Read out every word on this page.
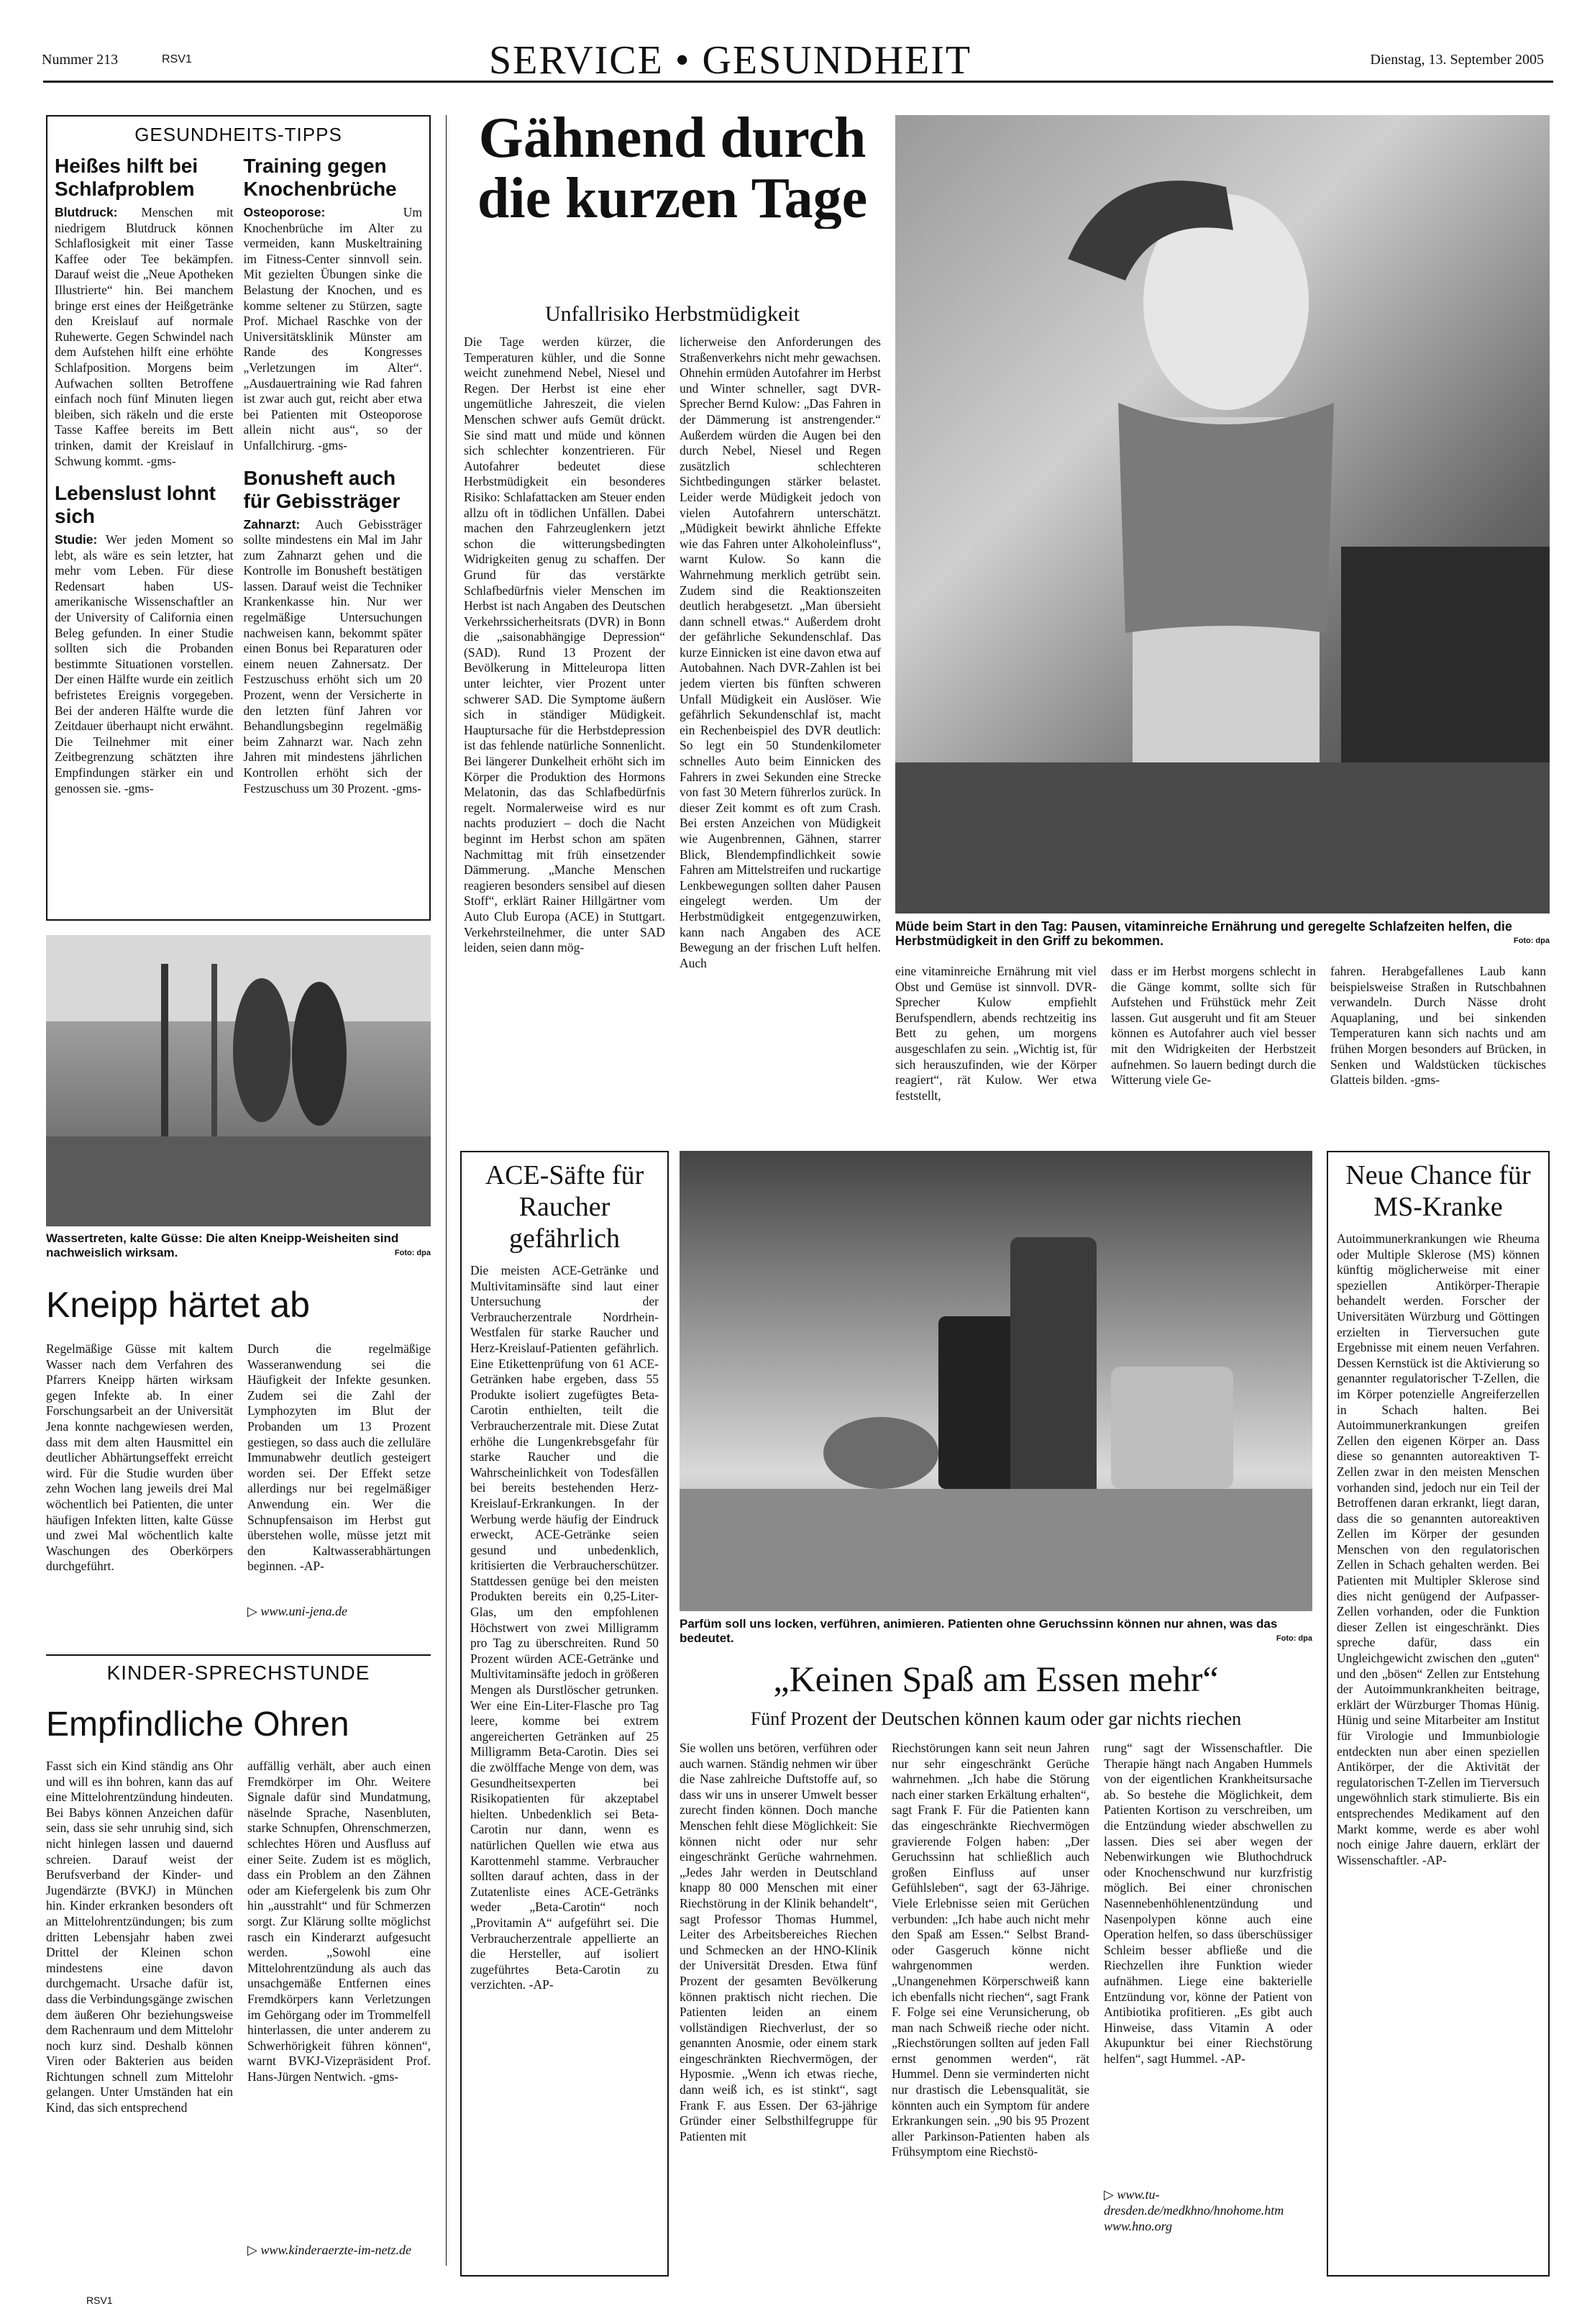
Nummer 213	RSV1	SERVICE • GESUNDHEIT	Dienstag, 13. September 2005
GESUNDHEITS-TIPPS
Heißes hilft bei Schlafproblem
Blutdruck: Menschen mit niedrigem Blutdruck können Schlaflosigkeit mit einer Tasse Kaffee oder Tee bekämpfen. Darauf weist die „Neue Apotheken Illustrierte“ hin. Bei manchem bringe erst eines der Heißgetränke den Kreislauf auf normale Ruhewerte. Gegen Schwindel nach dem Aufstehen hilft eine erhöhte Schlafposition. Morgens beim Aufwachen sollten Betroffene einfach noch fünf Minuten liegen bleiben, sich räkeln und die erste Tasse Kaffee bereits im Bett trinken, damit der Kreislauf in Schwung kommt. -gms-
Lebenslust lohnt sich
Studie: Wer jeden Moment so lebt, als wäre es sein letzter, hat mehr vom Leben. Für diese Redensart haben US-amerikanische Wissenschaftler an der University of California einen Beleg gefunden. In einer Studie sollten sich die Probanden bestimmte Situationen vorstellen. Der einen Hälfte wurde ein zeitlich befristetes Ereignis vorgegeben. Bei der anderen Hälfte wurde die Zeitdauer überhaupt nicht erwähnt. Die Teilnehmer mit einer Zeitbegrenzung schätzten ihre Empfindungen stärker ein und genossen sie. -gms-
Training gegen Knochenbrüche
Osteoporose:	Um Knochenbrüche im Alter zu vermeiden, kann Muskeltraining im Fitness-Center sinnvoll sein. Mit gezielten Übungen sinke die Belastung der Knochen, und es komme seltener zu Stürzen, sagte Prof. Michael Raschke von der Universitätsklinik Münster am Rande des Kongresses „Verletzungen im Alter“. „Ausdauertraining wie Rad fahren ist zwar auch gut, reicht aber etwa bei Patienten mit Osteoporose allein nicht aus“, so der Unfallchirurg. -gms-
Bonusheft auch für Gebissträger
Zahnarzt: Auch Gebissträger sollte mindestens ein Mal im Jahr zum Zahnarzt gehen und die Kontrolle im Bonusheft bestätigen lassen. Darauf weist die Techniker Krankenkasse hin. Nur wer regelmäßige Untersuchungen nachweisen kann, bekommt später einen Bonus bei Reparaturen oder einem neuen Zahnersatz. Der Festzuschuss erhöht sich um 20 Prozent, wenn der Versicherte in den letzten fünf Jahren vor Behandlungsbeginn regelmäßig beim Zahnarzt war. Nach zehn Jahren mit mindestens jährlichen Kontrollen erhöht sich der Festzuschuss um 30 Prozent. -gms-
Wassertreten, kalte Güsse: Die alten Kneipp-Weisheiten sind nachweislich wirksam.	Foto: dpa
Kneipp härtet ab
Regelmäßige Güsse mit kaltem Wasser nach dem Verfahren des Pfarrers Kneipp härten wirksam gegen Infekte ab. In einer Forschungsarbeit an der Universität Jena konnte nachgewiesen werden, dass mit dem alten Hausmittel ein deutlicher Abhärtungseffekt erreicht wird. Für die Studie wurden über zehn Wochen lang jeweils drei Mal wöchentlich bei Patienten, die unter häufigen Infekten litten, kalte Güsse und zwei Mal wöchentlich kalte Waschungen des Oberkörpers durchgeführt.
Durch die regelmäßige Wasseranwendung sei die Häufigkeit der Infekte gesunken. Zudem sei die Zahl der Lymphozyten im Blut der Probanden um 13 Prozent gestiegen, so dass auch die zelluläre Immunabwehr deutlich gesteigert worden sei. Der Effekt setze allerdings nur bei regelmäßiger Anwendung ein. Wer die Schnupfensaison im Herbst gut überstehen wolle, müsse jetzt mit den Kaltwasserabhärtungen beginnen. -AP-
▷ www.uni-jena.de
KINDER-SPRECHSTUNDE
Empfindliche Ohren
Fasst sich ein Kind ständig ans Ohr und will es ihn bohren, kann das auf eine Mittelohrentzündung hindeuten. Bei Babys können Anzeichen dafür sein, dass sie sehr unruhig sind, sich nicht hinlegen lassen und dauernd schreien. Darauf weist der Berufsverband der Kinder- und Jugendärzte (BVKJ) in München hin. Kinder erkranken besonders oft an Mittelohrentzündungen; bis zum dritten Lebensjahr haben zwei Drittel der Kleinen schon mindestens eine davon durchgemacht. Ursache dafür ist, dass die Verbindungsgänge zwischen dem äußeren Ohr beziehungsweise dem Rachenraum und dem Mittelohr noch kurz sind. Deshalb können Viren oder Bakterien aus beiden Richtungen schnell zum Mittelohr gelangen. Unter Umständen hat ein Kind, das sich entsprechend
auffällig verhält, aber auch einen Fremdkörper im Ohr. Weitere Signale dafür sind Mundatmung, näselnde Sprache, Nasenbluten, starke Schnupfen, Ohrenschmerzen, schlechtes Hören und Ausfluss auf einer Seite. Zudem ist es möglich, dass ein Problem an den Zähnen oder am Kiefergelenk bis zum Ohr hin „ausstrahlt“ und für Schmerzen sorgt. Zur Klärung sollte möglichst rasch ein Kinderarzt aufgesucht werden. „Sowohl eine Mittelohrentzündung als auch das unsachgemäße Entfernen eines Fremdkörpers kann Verletzungen im Gehörgang oder im Trommelfell hinterlassen, die unter anderem zu Schwerhörigkeit führen können“, warnt BVKJ-Vizepräsident Prof. Hans-Jürgen Nentwich. -gms-
▷ www.kinderaerzte-im-netz.de
Gähnend durch die kurzen Tage
Unfallrisiko Herbstmüdigkeit
Müde beim Start in den Tag: Pausen, vitaminreiche Ernährung und geregelte Schlafzeiten helfen, die Herbstmüdigkeit in den Griff zu bekommen.	Foto: dpa
Die Tage werden kürzer, die Temperaturen kühler, und die Sonne weicht zunehmend Nebel, Niesel und Regen. Der Herbst ist eine eher ungemütliche Jahreszeit, die vielen Menschen schwer aufs Gemüt drückt. Sie sind matt und müde und können sich schlechter konzentrieren. Für Autofahrer bedeutet diese Herbstmüdigkeit ein besonderes Risiko: Schlafattacken am Steuer enden allzu oft in tödlichen Unfällen. Dabei machen den Fahrzeuglenkern jetzt schon die witterungsbedingten Widrigkeiten genug zu schaffen. Der Grund für das verstärkte Schlafbedürfnis vieler Menschen im Herbst ist nach Angaben des Deutschen Verkehrssicherheitsrats (DVR) in Bonn die „saisonabhängige Depression“ (SAD). Rund 13 Prozent der Bevölkerung in Mitteleuropa litten unter leichter, vier Prozent unter schwerer SAD. Die Symptome äußern sich in ständiger Müdigkeit. Hauptursache für die Herbstdepression ist das fehlende natürliche Sonnenlicht. Bei längerer Dunkelheit erhöht sich im Körper die Produktion des Hormons Melatonin, das das Schlafbedürfnis regelt. Normalerweise wird es nur nachts produziert – doch die Nacht beginnt im Herbst schon am späten Nachmittag mit früh einsetzender Dämmerung. „Manche Menschen reagieren besonders sensibel auf diesen Stoff“, erklärt Rainer Hillgärtner vom Auto Club Europa (ACE) in Stuttgart. Verkehrsteilnehmer, die unter SAD leiden, seien dann mög-
licherweise den Anforderungen des Straßenverkehrs nicht mehr gewachsen. Ohnehin ermüden Autofahrer im Herbst und Winter schneller, sagt DVR-Sprecher Bernd Kulow: „Das Fahren in der Dämmerung ist anstrengender.“ Außerdem würden die Augen bei den durch Nebel, Niesel und Regen zusätzlich schlechteren Sichtbedingungen stärker belastet. Leider werde Müdigkeit jedoch von vielen Autofahrern unterschätzt. „Müdigkeit bewirkt ähnliche Effekte wie das Fahren unter Alkoholeinfluss“, warnt Kulow. So kann die Wahrnehmung merklich getrübt sein. Zudem sind die Reaktionszeiten deutlich herabgesetzt. „Man übersieht dann schnell etwas.“ Außerdem droht der gefährliche Sekundenschlaf. Das kurze Einnicken ist eine davon etwa auf Autobahnen. Nach DVR-Zahlen ist bei jedem vierten bis fünften schweren Unfall Müdigkeit ein Auslöser. Wie gefährlich Sekundenschlaf ist, macht ein Rechenbeispiel des DVR deutlich: So legt ein 50 Stundenkilometer schnelles Auto beim Einnicken des Fahrers in zwei Sekunden eine Strecke von fast 30 Metern führerlos zurück. In dieser Zeit kommt es oft zum Crash. Bei ersten Anzeichen von Müdigkeit wie Augenbrennen, Gähnen, starrer Blick, Blendempfindlichkeit sowie Fahren am Mittelstreifen und ruckartige Lenkbewegungen sollten daher Pausen eingelegt werden. Um der Herbstmüdigkeit entgegenzuwirken, kann nach Angaben des ACE Bewegung an der frischen Luft helfen. Auch
eine vitaminreiche Ernährung mit viel Obst und Gemüse ist sinnvoll. DVR-Sprecher Kulow empfiehlt Berufspendlern, abends rechtzeitig ins Bett zu gehen, um morgens ausgeschlafen zu sein. „Wichtig ist, für sich herauszufinden, wie der Körper reagiert“, rät Kulow. Wer etwa feststellt,
dass er im Herbst morgens schlecht in die Gänge kommt, sollte sich für Aufstehen und Frühstück mehr Zeit lassen. Gut ausgeruht und fit am Steuer können es Autofahrer auch viel besser mit den Widrigkeiten der Herbstzeit aufnehmen. So lauern bedingt durch die Witterung viele Ge-
fahren. Herabgefallenes Laub kann beispielsweise Straßen in Rutschbahnen verwandeln. Durch Nässe droht Aquaplaning, und bei sinkenden Temperaturen kann sich nachts und am frühen Morgen besonders auf Brücken, in Senken und Waldstücken tückisches Glatteis bilden. -gms-
ACE-Säfte für Raucher gefährlich
Die meisten ACE-Getränke und Multivitaminsäfte sind laut einer Untersuchung der Verbraucherzentrale Nordrhein-Westfalen für starke Raucher und Herz-Kreislauf-Patienten gefährlich. Eine Etikettenprüfung von 61 ACE-Getränken habe ergeben, dass 55 Produkte isoliert zugefügtes Beta-Carotin enthielten, teilt die Verbraucherzentrale mit. Diese Zutat erhöhe die Lungenkrebsgefahr für starke Raucher und die Wahrscheinlichkeit von Todesfällen bei bereits bestehenden Herz-Kreislauf-Erkrankungen. In der Werbung werde häufig der Eindruck erweckt, ACE-Getränke seien gesund und unbedenklich, kritisierten die Verbraucherschützer. Stattdessen genüge bei den meisten Produkten bereits ein 0,25-Liter-Glas, um den empfohlenen Höchstwert von zwei Milligramm pro Tag zu überschreiten. Rund 50 Prozent würden ACE-Getränke und Multivitaminsäfte jedoch in größeren Mengen als Durstlöscher getrunken. Wer eine Ein-Liter-Flasche pro Tag leere, komme bei extrem angereicherten Getränken auf 25 Milligramm Beta-Carotin. Dies sei die zwölffache Menge von dem, was Gesundheitsexperten bei Risikopatienten für akzeptabel hielten. Unbedenklich sei Beta-Carotin nur dann, wenn es natürlichen Quellen wie etwa aus Karottenmehl stamme. Verbraucher sollten darauf achten, dass in der Zutatenliste eines ACE-Getränks weder „Beta-Carotin“ noch „Provitamin A“ aufgeführt sei. Die Verbraucherzentrale appellierte an die Hersteller, auf isoliert zugeführtes Beta-Carotin zu verzichten. -AP-
Parfüm soll uns locken, verführen, animieren. Patienten ohne Geruchssinn können nur ahnen, was das bedeutet.	Foto: dpa
„Keinen Spaß am Essen mehr“
Fünf Prozent der Deutschen können kaum oder gar nichts riechen
Sie wollen uns betören, verführen oder auch warnen. Ständig nehmen wir über die Nase zahlreiche Duftstoffe auf, so dass wir uns in unserer Umwelt besser zurecht finden können. Doch manche Menschen fehlt diese Möglichkeit: Sie können nicht oder nur sehr eingeschränkt Gerüche wahrnehmen. „Jedes Jahr werden in Deutschland knapp 80 000 Menschen mit einer Riechstörung in der Klinik behandelt“, sagt Professor Thomas Hummel, Leiter des Arbeitsbereiches Riechen und Schmecken an der HNO-Klinik der Universität Dresden. Etwa fünf Prozent der gesamten Bevölkerung können praktisch nicht riechen. Die Patienten leiden an einem vollständigen Riechverlust, der so genannten Anosmie, oder einem stark eingeschränkten Riechvermögen, der Hyposmie. „Wenn ich etwas rieche, dann weiß ich, es ist stinkt“, sagt Frank F. aus Essen. Der 63-jährige Gründer einer Selbsthilfegruppe für Patienten mit
Riechstörungen kann seit neun Jahren nur sehr eingeschränkt Gerüche wahrnehmen. „Ich habe die Störung nach einer starken Erkältung erhalten“, sagt Frank F. Für die Patienten kann das eingeschränkte Riechvermögen gravierende Folgen haben: „Der Geruchssinn hat schließlich auch großen Einfluss auf unser Gefühlsleben“, sagt der 63-Jährige. Viele Erlebnisse seien mit Gerüchen verbunden: „Ich habe auch nicht mehr den Spaß am Essen.“ Selbst Brand- oder Gasgeruch könne nicht wahrgenommen werden. „Unangenehmen Körperschweiß kann ich ebenfalls nicht riechen“, sagt Frank F. Folge sei eine Verunsicherung, ob man nach Schweiß rieche oder nicht. „Riechstörungen sollten auf jeden Fall ernst genommen werden“, rät Hummel. Denn sie verminderten nicht nur drastisch die Lebensqualität, sie könnten auch ein Symptom für andere Erkrankungen sein. „90 bis 95 Prozent aller Parkinson-Patienten haben als Frühsymptom eine Riechstö-
rung“ sagt der Wissenschaftler. Die Therapie hängt nach Angaben Hummels von der eigentlichen Krankheitsursache ab. So bestehe die Möglichkeit, dem Patienten Kortison zu verschreiben, um die Entzündung wieder abschwellen zu lassen. Dies sei aber wegen der Nebenwirkungen wie Bluthochdruck oder Knochenschwund nur kurzfristig möglich. Bei einer chronischen Nasennebenhöhlenentzündung und Nasenpolypen könne auch eine Operation helfen, so dass überschüssiger Schleim besser abfließe und die Riechzellen ihre Funktion wieder aufnähmen. Liege eine bakterielle Entzündung vor, könne der Patient von Antibiotika profitieren. „Es gibt auch Hinweise, dass Vitamin A oder Akupunktur bei einer Riechstörung helfen“, sagt Hummel. -AP-
▷ www.tu-dresden.de/medkhno/hnohome.htm www.hno.org
Neue Chance für MS-Kranke
Autoimmunerkrankungen wie Rheuma oder Multiple Sklerose (MS) können künftig möglicherweise mit einer speziellen Antikörper-Therapie behandelt werden. Forscher der Universitäten Würzburg und Göttingen erzielten in Tierversuchen gute Ergebnisse mit einem neuen Verfahren. Dessen Kernstück ist die Aktivierung so genannter regulatorischer T-Zellen, die im Körper potenzielle Angreiferzellen in Schach halten. Bei Autoimmunerkrankungen greifen Zellen den eigenen Körper an. Dass diese so genannten autoreaktiven T-Zellen zwar in den meisten Menschen vorhanden sind, jedoch nur ein Teil der Betroffenen daran erkrankt, liegt daran, dass die so genannten autoreaktiven Zellen im Körper der gesunden Menschen von den regulatorischen Zellen in Schach gehalten werden. Bei Patienten mit Multipler Sklerose sind dies nicht genügend der Aufpasser-Zellen vorhanden, oder die Funktion dieser Zellen ist eingeschränkt. Dies spreche dafür, dass ein Ungleichgewicht zwischen den „guten“ und den „bösen“ Zellen zur Entstehung der Autoimmunkrankheiten beitrage, erklärt der Würzburger Thomas Hünig. Hünig und seine Mitarbeiter am Institut für Virologie und Immunbiologie entdeckten nun aber einen speziellen Antikörper, der die Aktivität der regulatorischen T-Zellen im Tierversuch ungewöhnlich stark stimulierte. Bis ein entsprechendes Medikament auf den Markt komme, werde es aber wohl noch einige Jahre dauern, erklärt der Wissenschaftler. -AP-
RSV1
